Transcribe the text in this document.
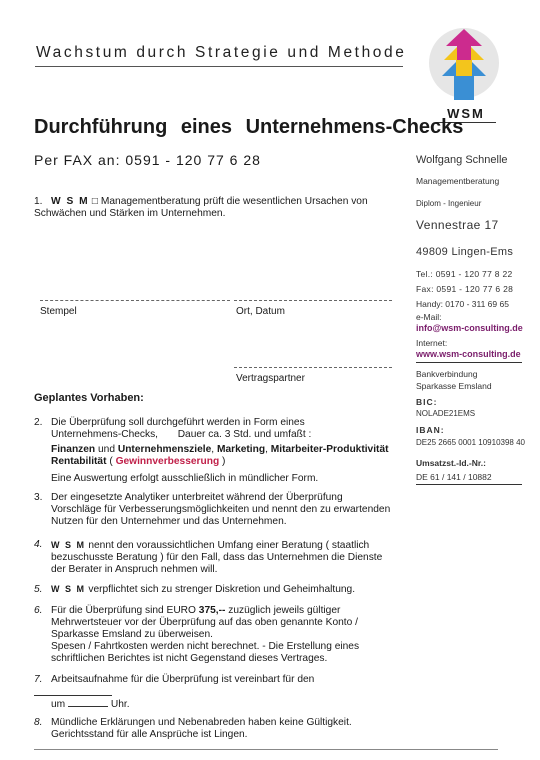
Wachstum durch Strategie und Methode
WSM
Durchführung eines Unternehmens-Checks
Per FAX an: 0591 - 120 77 6 28	Wolfgang Schnelle
Managementberatung
Diplom - Ingenieur
Vennestrae 17
49809 Lingen-Ems
Tel.: 0591 - 120 77 8 22
Fax: 0591 - 120 77 6 28
Handy: 0170 - 311 69 65
e-Mail:
info@wsm-consulting.de
Internet:
www.wsm-consulting.de
Bankverbindung
Sparkasse Emsland
BIC:
NOLADE21EMS
IBAN:
DE25 2665 0001 10910398 40
Umsatzst.-Id.-Nr.:
DE 61 / 141 / 10882
1. W S M □ Managementberatung prüft die wesentlichen Ursachen von Schwächen und Stärken im Unternehmen.
Stempel	Ort, Datum
Vertragspartner
Geplantes Vorhaben:
2. Die Überprüfung soll durchgeführt werden in Form eines
Unternehmens-Checks, Dauer ca. 3 Std. und umfaßt :
Finanzen und Unternehmensziele, Marketing, Mitarbeiter-Produktivität
Rentabilität ( Gewinnverbesserung )
Eine Auswertung erfolgt ausschließlich in mündlicher Form.
3. Der eingesetzte Analytiker unterbreitet während der Überprüfung Vorschläge für Verbesserungsmöglichkeiten und nennt den zu erwartenden Nutzen für den Unternehmer und das Unternehmen.
4. W S M nennt den voraussichtlichen Umfang einer Beratung ( staatlich bezuschusste Beratung ) für den Fall, dass das Unternehmen die Dienste der Berater in Anspruch nehmen will.
5. W S M verpflichtet sich zu strenger Diskretion und Geheimhaltung.
6. Für die Überprüfung sind EURO 375,-- zuzüglich jeweils gültiger Mehrwertsteuer vor der Überprüfung auf das oben genannte Konto / Sparkasse Emsland zu überweisen.
Spesen / Fahrtkosten werden nicht berechnet. - Die Erstellung eines schriftlichen Berichtes ist nicht Gegenstand dieses Vertrages.
7. Arbeitsaufnahme für die Überprüfung ist vereinbart für den
um	Uhr.
8. Mündliche Erklärungen und Nebenabreden haben keine Gültigkeit. Gerichtsstand für alle Ansprüche ist Lingen.
